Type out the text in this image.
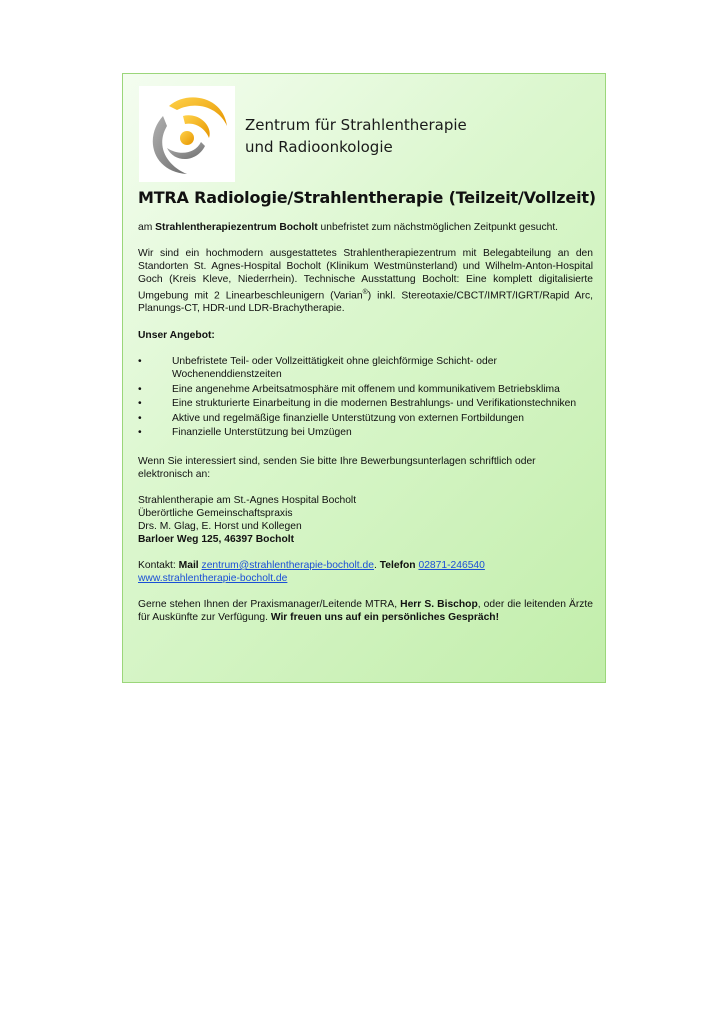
Zentrum für Strahlentherapie
und Radioonkologie
MTRA Radiologie/Strahlentherapie (Teilzeit/Vollzeit)

am Strahlentherapiezentrum Bocholt unbefristet zum nächstmöglichen Zeitpunkt gesucht.

Wir sind ein hochmodern ausgestattetes Strahlentherapiezentrum mit Belegabteilung an den Standorten St. Agnes-Hospital Bocholt (Klinikum Westmünsterland) und Wilhelm-Anton-Hospital Goch (Kreis Kleve, Niederrhein). Technische Ausstattung Bocholt: Eine komplett digitalisierte Umgebung mit 2 Linearbeschleunigern (Varian®) inkl. Stereotaxie/CBCT/IMRT/IGRT/Rapid Arc, Planungs-CT, HDR-und LDR-Brachytherapie.

Unser Angebot:

•	Unbefristete Teil- oder Vollzeittätigkeit ohne gleichförmige Schicht- oder Wochenenddienstzeiten
•	Eine angenehme Arbeitsatmosphäre mit offenem und kommunikativem Betriebsklima
•	Eine strukturierte Einarbeitung in die modernen Bestrahlungs- und Verifikationstechniken
•	Aktive und regelmäßige finanzielle Unterstützung von externen Fortbildungen
•	Finanzielle Unterstützung bei Umzügen

Wenn Sie interessiert sind, senden Sie bitte Ihre Bewerbungsunterlagen schriftlich oder elektronisch an:

Strahlentherapie am St.-Agnes Hospital Bocholt

Überörtliche Gemeinschaftspraxis

Drs. M. Glag, E. Horst und Kollegen

Barloer Weg 125, 46397 Bocholt

Kontakt: Mail zentrum@strahlentherapie-bocholt.de. Telefon 02871-246540

www.strahlentherapie-bocholt.de

Gerne stehen Ihnen der Praxismanager/Leitende MTRA, Herr S. Bischop, oder die leitenden Ärzte für Auskünfte zur Verfügung. Wir freuen uns auf ein persönliches Gespräch!
